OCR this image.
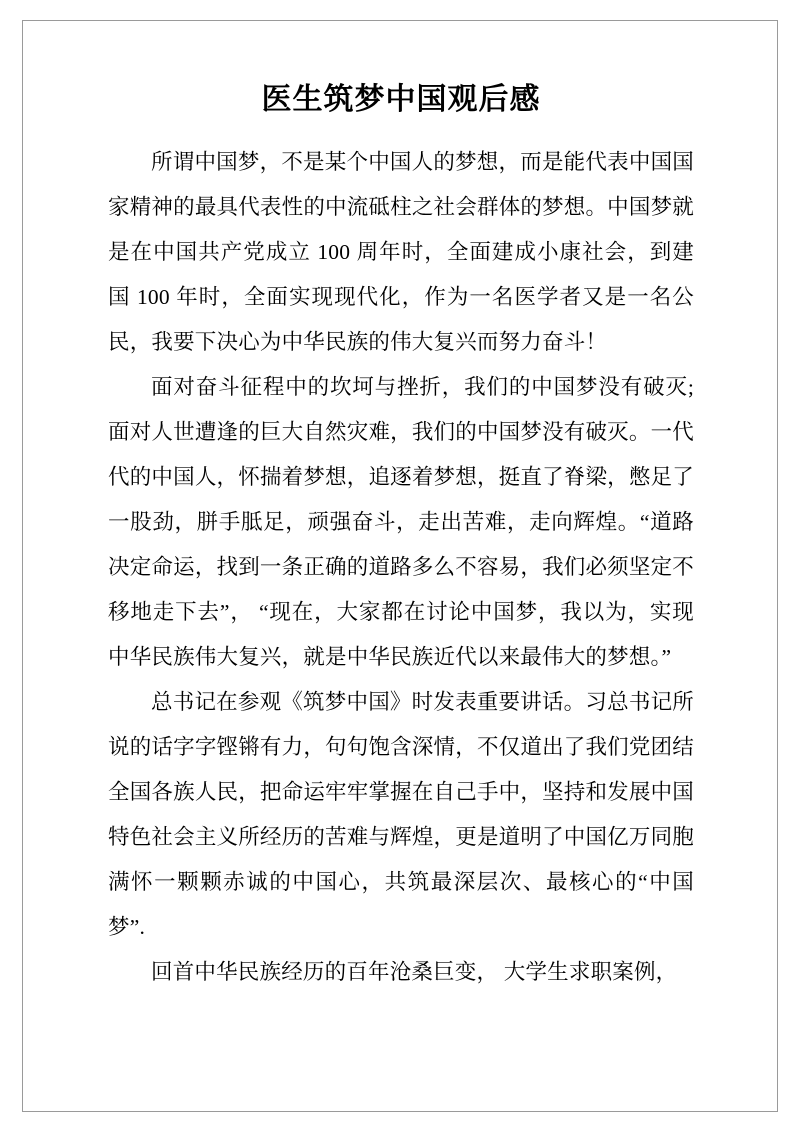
医生筑梦中国观后感

所谓中国梦，不是某个中国人的梦想，而是能代表中国国家精神的最具代表性的中流砥柱之社会群体的梦想。中国梦就是在中国共产党成立 100 周年时，全面建成小康社会，到建国 100 年时，全面实现现代化，作为一名医学者又是一名公民，我要下决心为中华民族的伟大复兴而努力奋斗！

面对奋斗征程中的坎坷与挫折，我们的中国梦没有破灭;面对人世遭逢的巨大自然灾难，我们的中国梦没有破灭。一代代的中国人，怀揣着梦想，追逐着梦想，挺直了脊梁，憋足了一股劲，胼手胝足，顽强奋斗，走出苦难，走向辉煌。“道路决定命运，找到一条正确的道路多么不容易，我们必须坚定不移地走下去”， “现在，大家都在讨论中国梦，我以为，实现中华民族伟大复兴，就是中华民族近代以来最伟大的梦想。”

总书记在参观《筑梦中国》时发表重要讲话。习总书记所说的话字字铿锵有力，句句饱含深情，不仅道出了我们党团结全国各族人民，把命运牢牢掌握在自己手中，坚持和发展中国特色社会主义所经历的苦难与辉煌，更是道明了中国亿万同胞满怀一颗颗赤诚的中国心，共筑最深层次、最核心的“中国梦”.

回首中华民族经历的百年沧桑巨变， 大学生求职案例，
